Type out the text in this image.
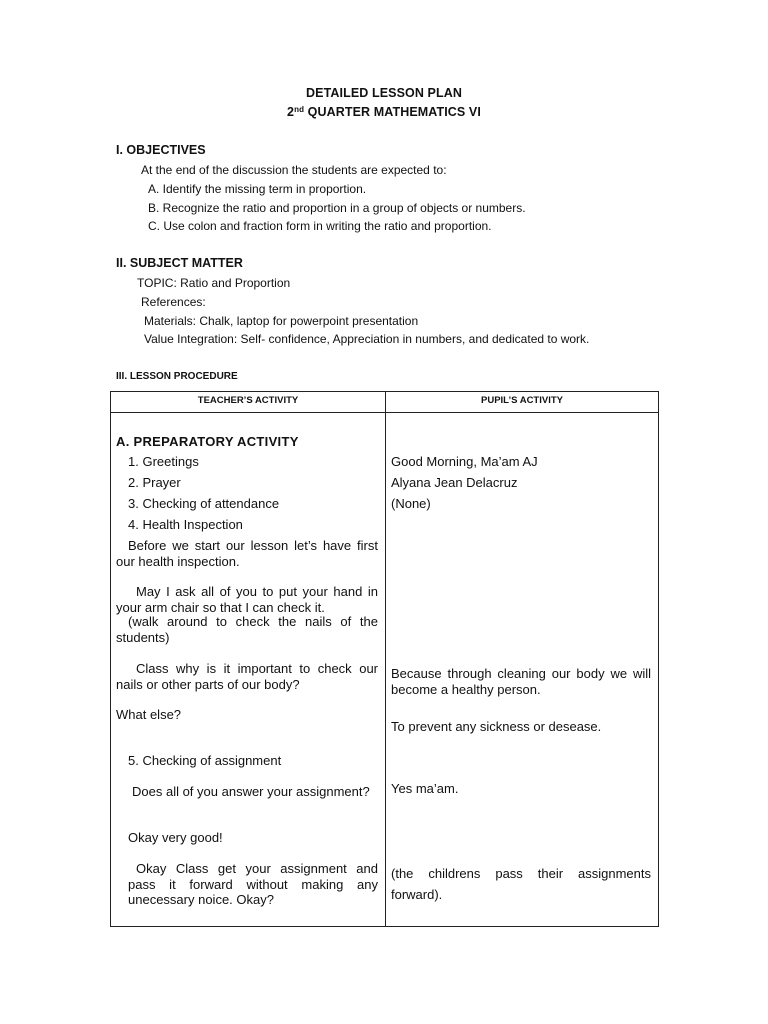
DETAILED LESSON PLAN
2nd QUARTER MATHEMATICS VI
I. OBJECTIVES
At the end of the discussion the students are expected to:
A. Identify the missing term in proportion.
B. Recognize the ratio and proportion in a group of objects or numbers.
C. Use colon and fraction form in writing the ratio and proportion.
II. SUBJECT MATTER
TOPIC: Ratio and Proportion
References:
Materials: Chalk, laptop for powerpoint presentation
Value Integration: Self- confidence, Appreciation in numbers, and dedicated to work.
III. LESSON PROCEDURE
TEACHER’S ACTIVITY	PUPIL’S ACTIVITY
A. PREPARATORY ACTIVITY
1. Greetings
2. Prayer
3. Checking of attendance
4. Health Inspection
Before we start our lesson let’s have first our health inspection.
May I ask all of you to put your hand in your arm chair so that I can check it.
(walk around to check the nails of the students)
Class why is it important to check our nails or other parts of our body?
What else?
5. Checking of assignment
Does all of you answer your assignment?
Okay very good!
Okay Class get your assignment and pass it forward without making any unecessary noice. Okay?
Good Morning, Ma’am AJ
Alyana Jean Delacruz
(None)
Because through cleaning our body we will become a healthy person.
To prevent any sickness or desease.
Yes ma’am.
(the childrens pass their assignments forward).
